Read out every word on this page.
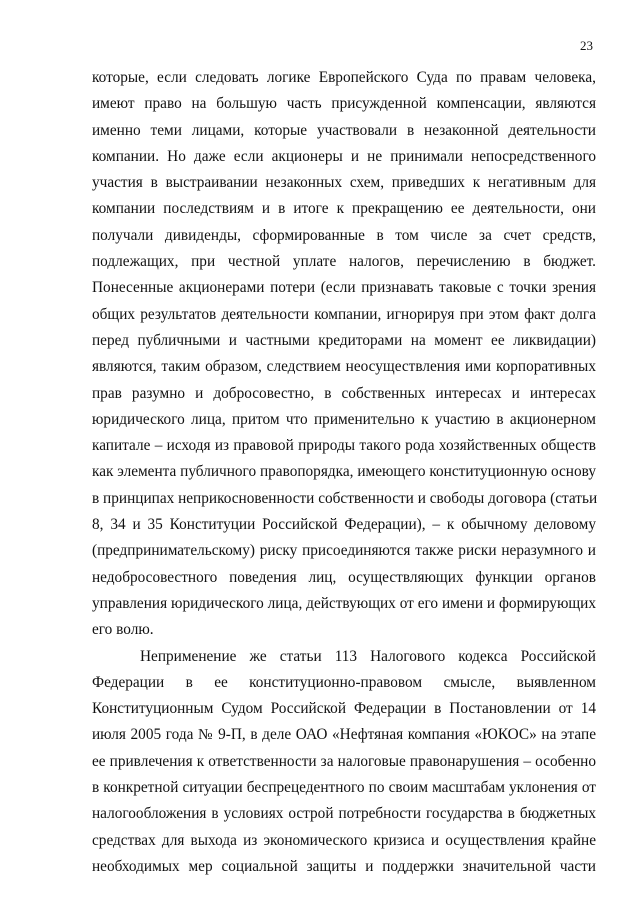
23
которые, если следовать логике Европейского Суда по правам человека,
имеют право на большую часть присужденной компенсации, являются
именно теми лицами, которые участвовали в незаконной деятельности
компании. Но даже если акционеры и не принимали непосредственного
участия в выстраивании незаконных схем, приведших к негативным для
компании последствиям и в итоге к прекращению ее деятельности, они
получали дивиденды, сформированные в том числе за счет средств,
подлежащих, при честной уплате налогов, перечислению в бюджет.
Понесенные акционерами потери (если признавать таковые с точки зрения
общих результатов деятельности компании, игнорируя при этом факт долга
перед публичными и частными кредиторами на момент ее ликвидации)
являются, таким образом, следствием неосуществления ими корпоративных
прав разумно и добросовестно, в собственных интересах и интересах
юридического лица, притом что применительно к участию в акционерном
капитале – исходя из правовой природы такого рода хозяйственных обществ
как элемента публичного правопорядка, имеющего конституционную основу
в принципах неприкосновенности собственности и свободы договора (статьи
8, 34 и 35 Конституции Российской Федерации), – к обычному деловому
(предпринимательскому) риску присоединяются также риски неразумного и
недобросовестного поведения лиц, осуществляющих функции органов
управления юридического лица, действующих от его имени и формирующих
его волю.
Неприменение же статьи 113 Налогового кодекса Российской
Федерации в ее конституционно-правовом смысле, выявленном
Конституционным Судом Российской Федерации в Постановлении от 14
июля 2005 года № 9-П, в деле ОАО «Нефтяная компания «ЮКОС» на этапе
ее привлечения к ответственности за налоговые правонарушения – особенно
в конкретной ситуации беспрецедентного по своим масштабам уклонения от
налогообложения в условиях острой потребности государства в бюджетных
средствах для выхода из экономического кризиса и осуществления крайне
необходимых мер социальной защиты и поддержки значительной части
